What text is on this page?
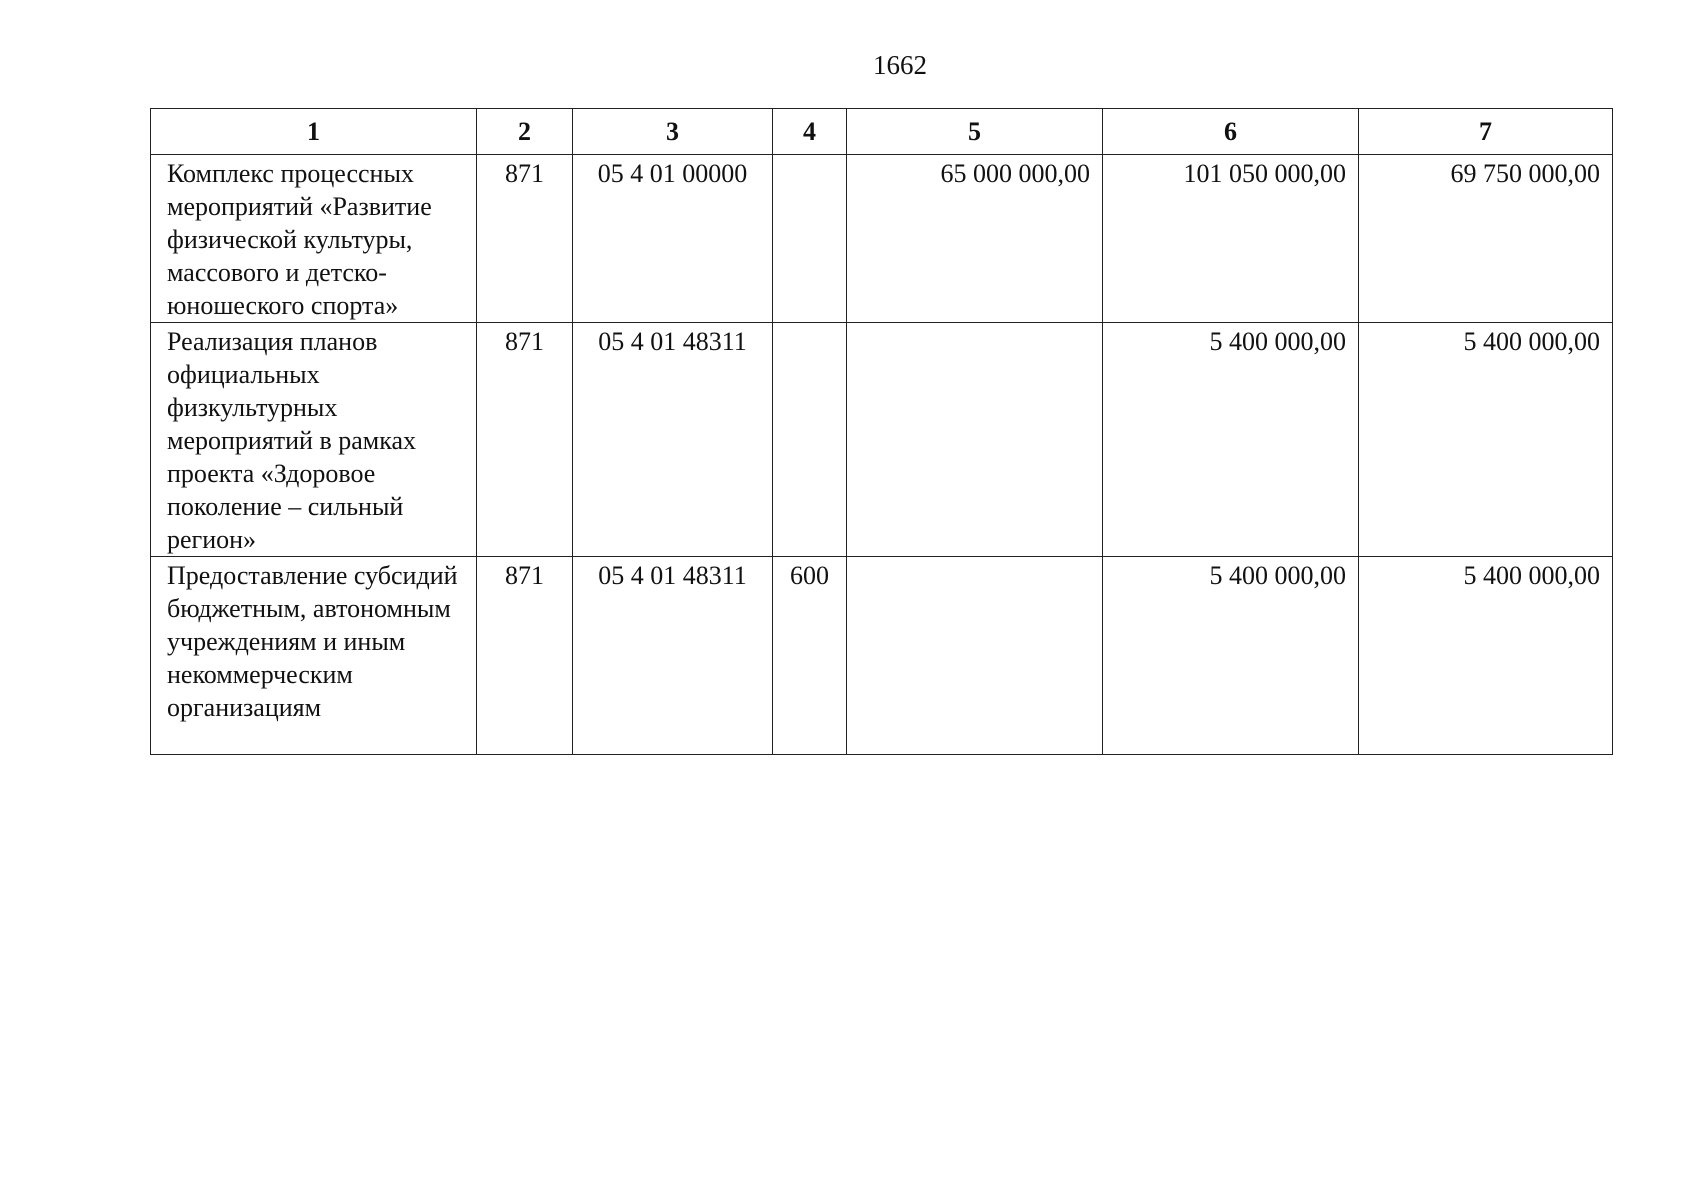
1662
1	2	3	4	5	6	7
Комплекс процессных мероприятий «Развитие физической культуры, массового и детско-юношеского спорта»	871	05 4 01 00000		65 000 000,00	101 050 000,00	69 750 000,00
Реализация планов официальных физкультурных мероприятий в рамках проекта «Здоровое поколение – сильный регион»	871	05 4 01 48311			5 400 000,00	5 400 000,00
Предоставление субсидий бюджетным, автономным учреждениям и иным некоммерческим организациям	871	05 4 01 48311	600		5 400 000,00	5 400 000,00
